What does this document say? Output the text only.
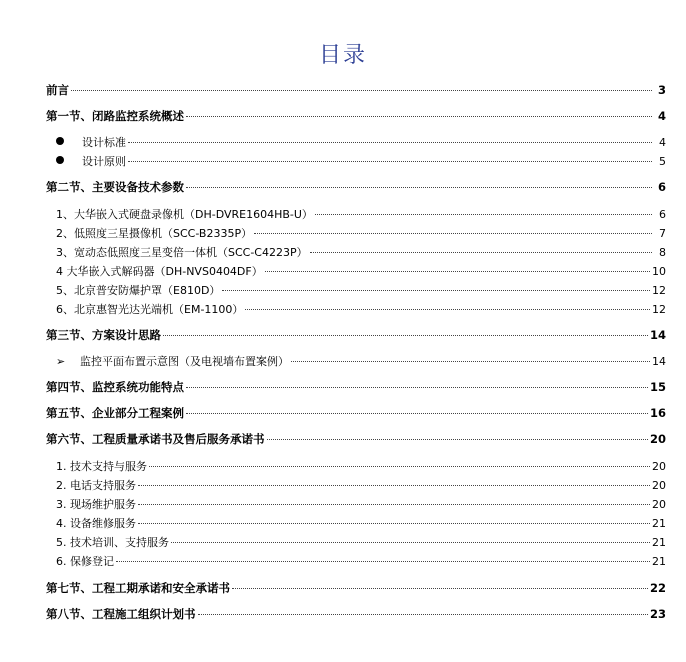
目录
前言	3
第一节、闭路监控系统概述	4
设计标准	4
设计原则	5
第二节、主要设备技术参数	6
1、大华嵌入式硬盘录像机（DH-DVRE1604HB-U）	6
2、低照度三星摄像机（SCC-B2335P）	7
3、宽动态低照度三星变倍一体机（SCC-C4223P）	8
4 大华嵌入式解码器（DH-NVS0404DF）	10
5、北京普安防爆护罩（E810D）	12
6、北京惠智光达光端机（EM-1100）	12
第三节、方案设计思路	14
➢ 监控平面布置示意图（及电视墙布置案例）	14
第四节、监控系统功能特点	15
第五节、企业部分工程案例	16
第六节、工程质量承诺书及售后服务承诺书	20
1. 技术支持与服务	20
2. 电话支持服务	20
3. 现场维护服务	20
4. 设备维修服务	21
5. 技术培训、支持服务	21
6. 保修登记	21
第七节、工程工期承诺和安全承诺书	22
第八节、工程施工组织计划书	23
